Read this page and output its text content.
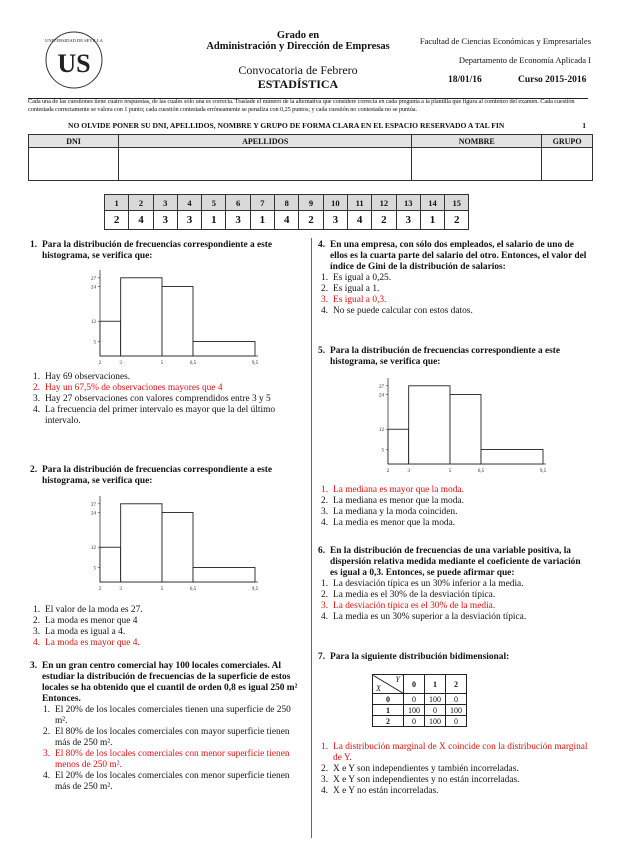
US
UNIVERSIDAD DE SEVILLA	Grado en
Administración y Dirección de Empresas
Convocatoria de Febrero
ESTADÍSTICA
Facultad de Ciencias Económicas y Empresariales
Departamento de Economía Aplicada I
18/01/16	Curso 2015-2016
Cada una de las cuestiones tiene cuatro respuestas, de las cuales sólo una es correcta. Traslade el número de la alternativa que considere correcta en cada pregunta a la plantilla que figura al comienzo del examen. Cada cuestión contestada correctamente se valora con 1 punto; cada cuestión contestada erróneamente se penaliza con 0,25 puntos; y cada cuestión no contestada no se puntúa.
NO OLVIDE PONER SU DNI, APELLIDOS, NOMBRE Y GRUPO DE FORMA CLARA EN EL ESPACIO RESERVADO A TAL FIN	1
DNI	APELLIDOS	NOMBRE	GRUPO

1	2	3	4	5	6	7	8	9	10	11	12	13	14	15
2	4	3	3	1	3	1	4	2	3	4	2	3	1	2
1. Para la distribución de frecuencias correspondiente a este histograma, se verifica que:
5
12
24
27
2	3	5	6,5	9,5

1. Hay 69 observaciones.

2. Hay un 67,5% de observaciones mayores que 4

3. Hay 27 observaciones con valores comprendidos entre 3 y 5

4. La frecuencia del primer intervalo es mayor que la del último intervalo.

2. Para la distribución de frecuencias correspondiente a este histograma, se verifica que:
5
12
24
27
2	3	5	6,5	9,5

1. El valor de la moda es 27.

2. La moda es menor que 4

3. La moda es igual a 4.

4. La moda es mayor que 4.

3. En un gran centro comercial hay 100 locales comerciales. Al estudiar la distribución de frecuencias de la superficie de estos locales se ha obtenido que el cuantil de orden 0,8 es igual 250 m² Entonces.

1. El 20% de los locales comerciales tienen una superficie de 250 m².

2. El 80% de los locales comerciales con mayor superficie tienen más de 250 m².

3. El 80% de los locales comerciales con menor superficie tienen menos de 250 m².

4. El 20% de los locales comerciales con menor superficie tienen más de 250 m².

4. En una empresa, con sólo dos empleados, el salario de uno de ellos es la cuarta parte del salario del otro. Entonces, el valor del índice de Gini de la distribución de salarios:

1. Es igual a 0,25.

2. Es igual a 1.

3. Es igual a 0,3.

4. No se puede calcular con estos datos.

5. Para la distribución de frecuencias correspondiente a este histograma, se verifica que:
5
12
24
27
2	3	5	6,5	9,5

1. La mediana es mayor que la moda.

2. La mediana es menor que la moda.

3. La mediana y la moda coinciden.

4. La media es menor que la moda.

6. En la distribución de frecuencias de una variable positiva, la dispersión relativa medida mediante el coeficiente de variación es igual a 0,3. Entonces, se puede afirmar que:

1. La desviación típica es un 30% inferior a la media.

2. La media es el 30% de la desviación típica.

3. La desviación típica es el 30% de la media.

4. La media es un 30% superior a la desviación típica.

7. Para la siguiente distribución bidimensional:
Y
X	0	1	2
0	0	100	0
1	100	0	100
2	0	100	0

1. La distribución marginal de X coincide con la distribución marginal de Y.

2. X e Y son independientes y también incorreladas.

3. X e Y son independientes y no están incorreladas.

4. X e Y no están incorreladas.
